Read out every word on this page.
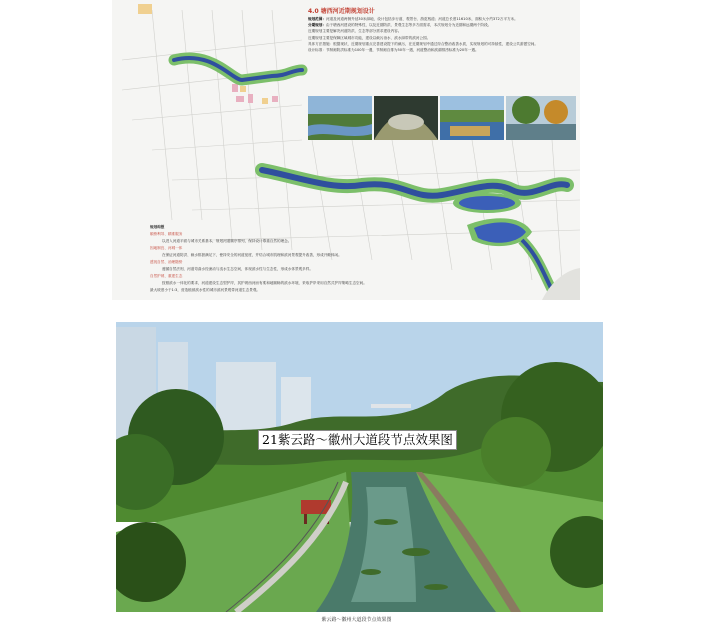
4.0 塘西河近期规划设计
规划范围：河道及河道两侧外延30米绿地，设计包括步行道、观景台、游览栈道；河道总长度11610米，面积大小约372万平方米。
分期规划：由于塘西河建设的特殊性，以及近期防洪、景观生态等多方面需求，本次规划分为近期和远期两个阶段。
近期规划主要是解决河道防洪、生态等部分需求建设内容。
近期规划主要是保障区域城市功能，建设以截污治水、滨水绿带的滨河公园。
具体方法措施：根据现状，近期规划重点完善建设提下的截污，在近期规划中通过综合整治改善水质，实现规划的可持续性，建设公共游憩空间。
设计标准：节制闸防洪标准为100年一遇，节制闸自排为50年一遇，河道整治和滨湖排涝标准为20年一遇。
规划构想
顺势利导、精准服务
以进入河道平面与城市关系基本，规划河道顺序排列，保持设计尊重自然的理念。
因地制宜、河城一体
在保证河道防洪、截水排泄满足下，使持安全的河道宽度，并结合城市肌理和滨河景观提升改善，形成开敞休闲。
透视自然、治理随势
遵循自然法则，河道弯曲水经流动与浅水生态空间，体现滨水性与生态性，形成水体景观多样。
自然护坡、重建生态
按照滨水一体化的要求，河道建设生态型护岸，其护坡西河而有柔和地顺畅的滨水环境，采取护岸采用自然式护岸策略生态空间。
最大坡度小于1:3，营造植被滨水性的城市滨河景观带河道生态景观。
21紫云路～徽州大道段节点效果图
紫云路～徽州大道段节点效果图
